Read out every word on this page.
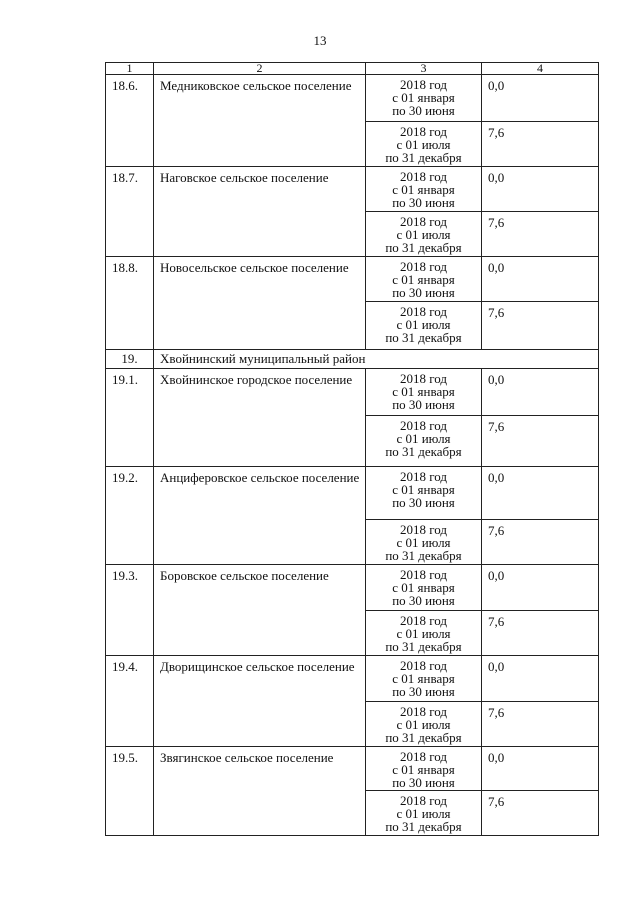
13
1	2	3	4
18.6.	Медниковское сельское поселение	2018 год
с 01 января
по 30 июня	0,0

		2018 год
с 01 июля
по 31 декабря	7,6
18.7.	Наговское сельское поселение	2018 год
с 01 января
по 30 июня	0,0

		2018 год
с 01 июля
по 31 декабря	7,6
18.8.	Новосельское сельское поселение	2018 год
с 01 января
по 30 июня	0,0

		2018 год
с 01 июля
по 31 декабря	7,6
19.	Хвойнинский муниципальный район		
19.1.	Хвойнинское городское поселение	2018 год
с 01 января
по 30 июня	0,0

		2018 год
с 01 июля
по 31 декабря	7,6
19.2.	Анциферовское сельское поселение	2018 год
с 01 января
по 30 июня	0,0

		2018 год
с 01 июля
по 31 декабря	7,6
19.3.	Боровское сельское поселение	2018 год
с 01 января
по 30 июня	0,0

		2018 год
с 01 июля
по 31 декабря	7,6
19.4.	Дворищинское сельское поселение	2018 год
с 01 января
по 30 июня	0,0

		2018 год
с 01 июля
по 31 декабря	7,6
19.5.	Звягинское сельское поселение	2018 год
с 01 января
по 30 июня	0,0

		2018 год
с 01 июля
по 31 декабря	7,6
